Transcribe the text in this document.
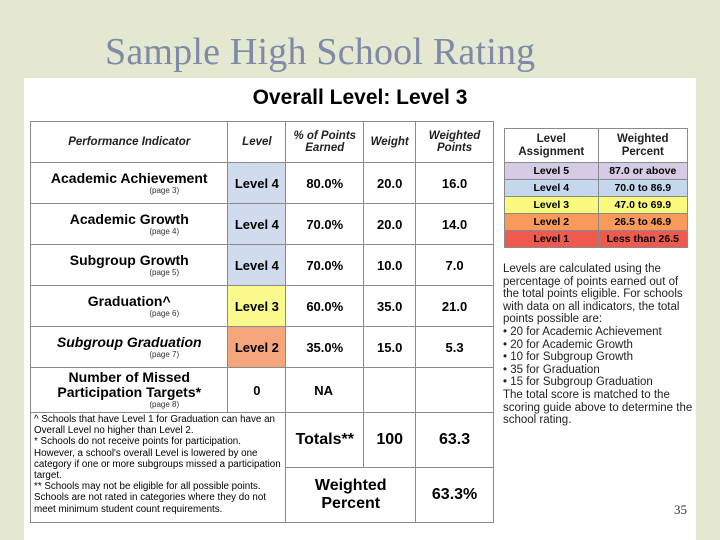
Sample High School Rating
Overall Level: Level 3
Performance Indicator	Level	% of Points Earned	Weight	Weighted Points

Academic Achievement
(page 3)	Level 4	80.0%	20.0	16.0

Academic Growth
(page 4)	Level 4	70.0%	20.0	14.0

Subgroup Growth
(page 5)	Level 4	70.0%	10.0	7.0

Graduation^
(page 6)	Level 3	60.0%	35.0	21.0

Subgroup Graduation
(page 7)	Level 2	35.0%	15.0	5.3

Number of Missed Participation Targets*
(page 8)	0	NA		
^ Schools that have Level 1 for Graduation can have an Overall Level no higher than Level 2.
* Schools do not receive points for participation. However, a school's overall Level is lowered by one category if one or more subgroups missed a participation target.
** Schools may not be eligible for all possible points. Schools are not rated in categories where they do not meet minimum student count requirements.		Totals**	100	63.3
		Weighted Percent		63.3%
Level Assignment	Weighted Percent
Level 5	87.0 or above
Level 4	70.0 to 86.9
Level 3	47.0 to 69.9
Level 2	26.5 to 46.9
Level 1	Less than 26.5
Levels are calculated using the percentage of points earned out of the total points eligible. For schools with data on all indicators, the total points possible are:
• 20 for Academic Achievement
• 20 for Academic Growth
• 10 for Subgroup Growth
• 35 for Graduation
• 15 for Subgroup Graduation
The total score is matched to the scoring guide above to determine the school rating.
35
